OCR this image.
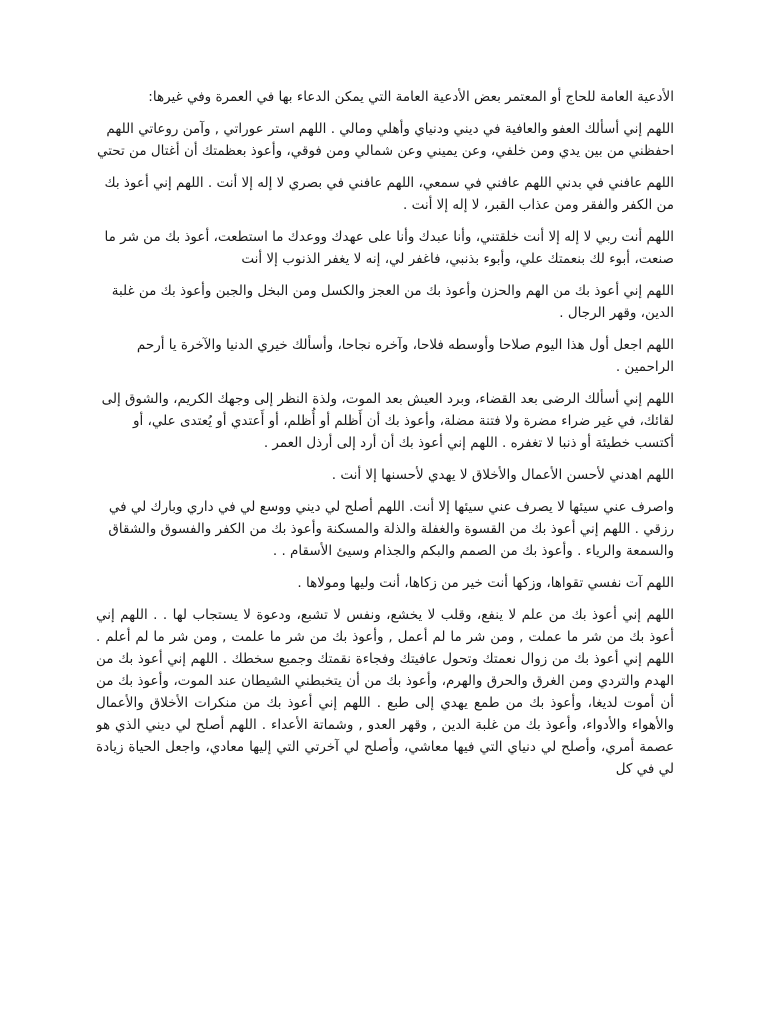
الأدعية العامة للحاج أو المعتمر بعض الأدعية العامة التي يمكن الدعاء بها في العمرة وفي غيرها:

اللهم إني أسألك العفو والعافية في ديني ودنياي وأهلي ومالي . اللهم استر عوراتي , وآمن روعاتي اللهم احفظني من بين يدي ومن خلفي، وعن يميني وعن شمالي ومن فوقي، وأعوذ بعظمتك أن أغتال من تحتي

اللهم عافني في بدني اللهم عافني في سمعي، اللهم عافني في بصري لا إله إلا أنت . اللهم إني أعوذ بك من الكفر والفقر ومن عذاب القبر، لا إله إلا أنت .

اللهم أنت ربي لا إله إلا أنت خلقتني، وأنا عبدك وأنا على عهدك ووعدك ما استطعت، أعوذ بك من شر ما صنعت، أبوء لك بنعمتك علي، وأبوء بذنبي، فاغفر لي، إنه لا يغفر الذنوب إلا أنت

اللهم إني أعوذ بك من الهم والحزن وأعوذ بك من العجز والكسل ومن البخل والجبن وأعوذ بك من غلبة الدين، وقهر الرجال .

اللهم اجعل أول هذا اليوم صلاحا وأوسطه فلاحا، وآخره نجاحا، وأسألك خيري الدنيا والآخرة يا أرحم الراحمين .

اللهم إني أسألك الرضى بعد القضاء، وبرد العيش بعد الموت، ولذة النظر إلى وجهك الكريم، والشوق إلى لقائك، في غير ضراء مضرة ولا فتنة مضلة، وأعوذ بك أن أَظلم أو أُظلم، أو أَعتدي أو يُعتدى علي، أو أكتسب خطيئة أو ذنبا لا تغفره . اللهم إني أعوذ بك أن أرد إلى أرذل العمر .

اللهم اهدني لأحسن الأعمال والأخلاق لا يهدي لأحسنها إلا أنت .

واصرف عني سيئها لا يصرف عني سيئها إلا أنت. اللهم أصلح لي ديني ووسع لي في داري وبارك لي في رزقي . اللهم إني أعوذ بك من القسوة والغفلة والذلة والمسكنة وأعوذ بك من الكفر والفسوق والشقاق والسمعة والرياء . وأعوذ بك من الصمم والبكم والجذام وسيئ الأسقام . .

اللهم آت نفسي تقواها، وزكها أنت خير من زكاها، أنت وليها ومولاها .

اللهم إني أعوذ بك من علم لا ينفع، وقلب لا يخشع، ونفس لا تشبع، ودعوة لا يستجاب لها . . اللهم إني أعوذ بك من شر ما عملت , ومن شر ما لم أعمل , وأعوذ بك من شر ما علمت , ومن شر ما لم أعلم . اللهم إني أعوذ بك من زوال نعمتك وتحول عافيتك وفجاءة نقمتك وجميع سخطك . اللهم إني أعوذ بك من الهدم والتردي ومن الغرق والحرق والهرم، وأعوذ بك من أن يتخبطني الشيطان عند الموت، وأعوذ بك من أن أموت لديغا، وأعوذ بك من طمع يهدي إلى طبع . اللهم إني أعوذ بك من منكرات الأخلاق والأعمال والأهواء والأدواء، وأعوذ بك من غلبة الدين , وقهر العدو , وشماتة الأعداء . اللهم أصلح لي ديني الذي هو عصمة أمري، وأصلح لي دنياي التي فيها معاشي، وأصلح لي آخرتي التي إليها معادي، واجعل الحياة زيادة لي في كل
